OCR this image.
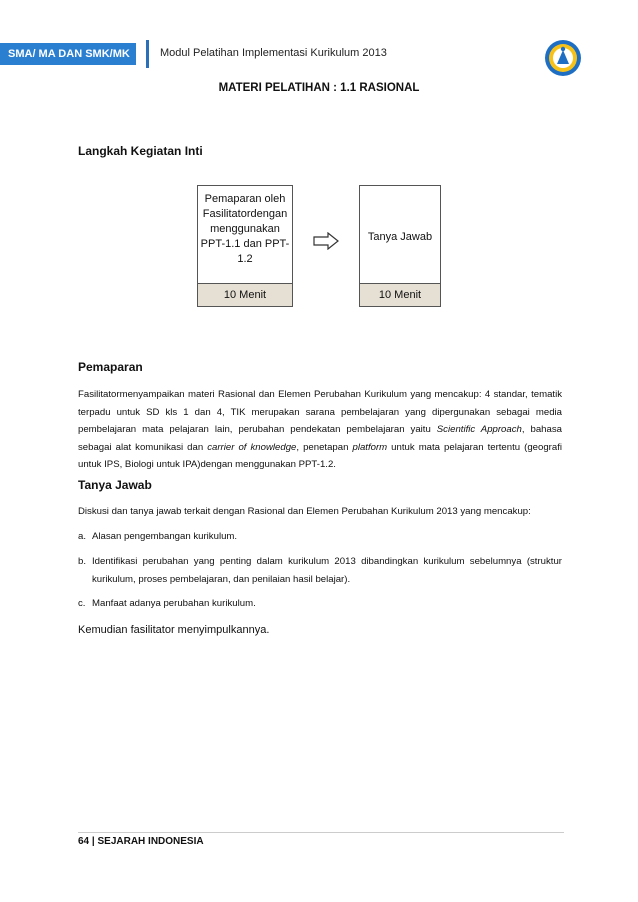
SMA/ MA DAN SMK/MK	Modul Pelatihan Implementasi Kurikulum 2013
MATERI PELATIHAN : 1.1 RASIONAL
Langkah Kegiatan Inti
Pemaparan oleh
Fasilitatordengan
menggunakan
PPT-1.1 dan PPT-
1.2
10 Menit
Tanya Jawab
10 Menit
Pemaparan
Fasilitatormenyampaikan materi Rasional dan Elemen Perubahan Kurikulum yang mencakup: 4 standar, tematik terpadu untuk SD kls 1 dan 4, TIK merupakan sarana pembelajaran yang dipergunakan sebagai media pembelajaran mata pelajaran lain, perubahan pendekatan pembelajaran yaitu Scientific Approach, bahasa sebagai alat komunikasi dan carrier of knowledge, penetapan platform untuk mata pelajaran tertentu (geografi untuk IPS, Biologi untuk IPA)dengan menggunakan PPT-1.2.
Tanya Jawab
Diskusi dan tanya jawab terkait dengan Rasional dan Elemen Perubahan Kurikulum 2013 yang mencakup:
a. Alasan pengembangan kurikulum.
b. Identifikasi perubahan yang penting dalam kurikulum 2013 dibandingkan kurikulum sebelumnya (struktur kurikulum, proses pembelajaran, dan penilaian hasil belajar).
c. Manfaat adanya perubahan kurikulum.
Kemudian fasilitator menyimpulkannya.
64 | SEJARAH INDONESIA
